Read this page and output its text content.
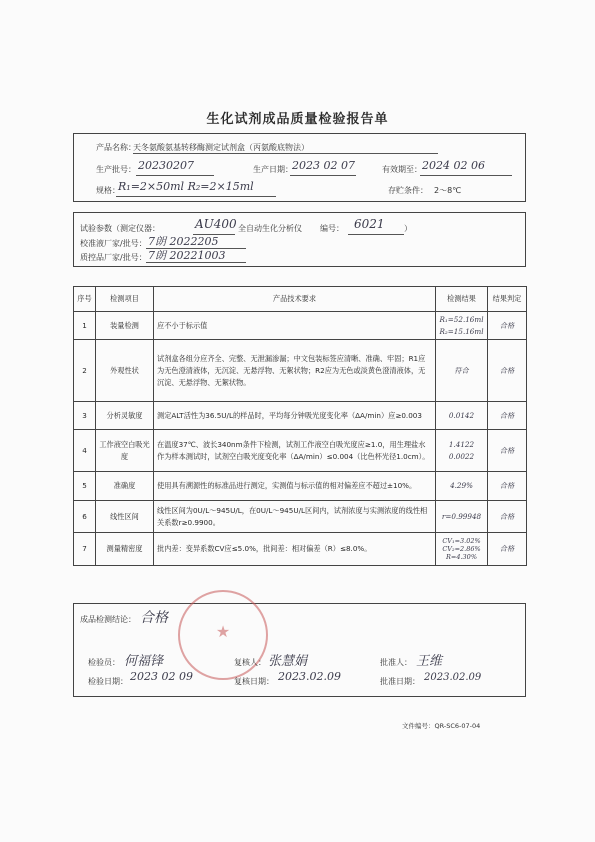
生化试剂成品质量检验报告单
产品名称：
天冬氨酸氨基转移酶测定试剂盒（丙氨酸底物法）
生产批号： 20230207	生产日期： 2023 02 07	有效期至： 2024 02 06
规格：
R₁=2×50ml R₂=2×15ml	存贮条件： 2～8℃
试验参数（测定仪器：	AU400 全自动生化分析仪 编号： 6021 ）
校准液厂家/批号： 7朗 2022205
质控品厂家/批号： 7朗 20221003
序号	检测项目	产品技术要求	检测结果	结果判定
1	装量检测	应不小于标示值	R₁=52.16ml
R₂=15.16ml	合格
2	外观性状	试剂盒各组分应齐全、完整、无泄漏渗漏；中文包装标签应清晰、准确、牢固；R1应为无色澄清液体，无沉淀、无悬浮物、无絮状物；R2应为无色或淡黄色澄清液体，无沉淀、无悬浮物、无絮状物。	符合	合格
3	分析灵敏度	测定ALT活性为36.5U/L的样品时，平均每分钟吸光度变化率（ΔA/min）应≥0.003	0.0142	合格
4	工作液空白吸光度	在温度37℃、波长340nm条件下检测，试剂工作液空白吸光度应≥1.0，用生理盐水作为样本测试时，试剂空白吸光度变化率（ΔA/min）≤0.004（比色杯光径1.0cm）。	1.4122
0.0022	合格
5	准确度	使用具有溯源性的标准品进行测定，实测值与标示值的相对偏差应不超过±10%。	4.29%	合格
6	线性区间	线性区间为0U/L～945U/L，在0U/L～945U/L区间内，试剂浓度与实测浓度的线性相关系数r≥0.9900。	r=0.99948	合格
7	测量精密度	批内差：变异系数CV应≤5.0%，批间差：相对偏差（R）≤8.0%。	CV₁=3.02%
CV₂=2.86%
R=4.30%	合格
★
成品检测结论： 合格
检验员： 何福锋	复核人： 张慧娟	批准人： 王维
检验日期： 2023 02 09	复核日期： 2023.02.09	批准日期： 2023.02.09
文件编号：QR-SC6-07-04
